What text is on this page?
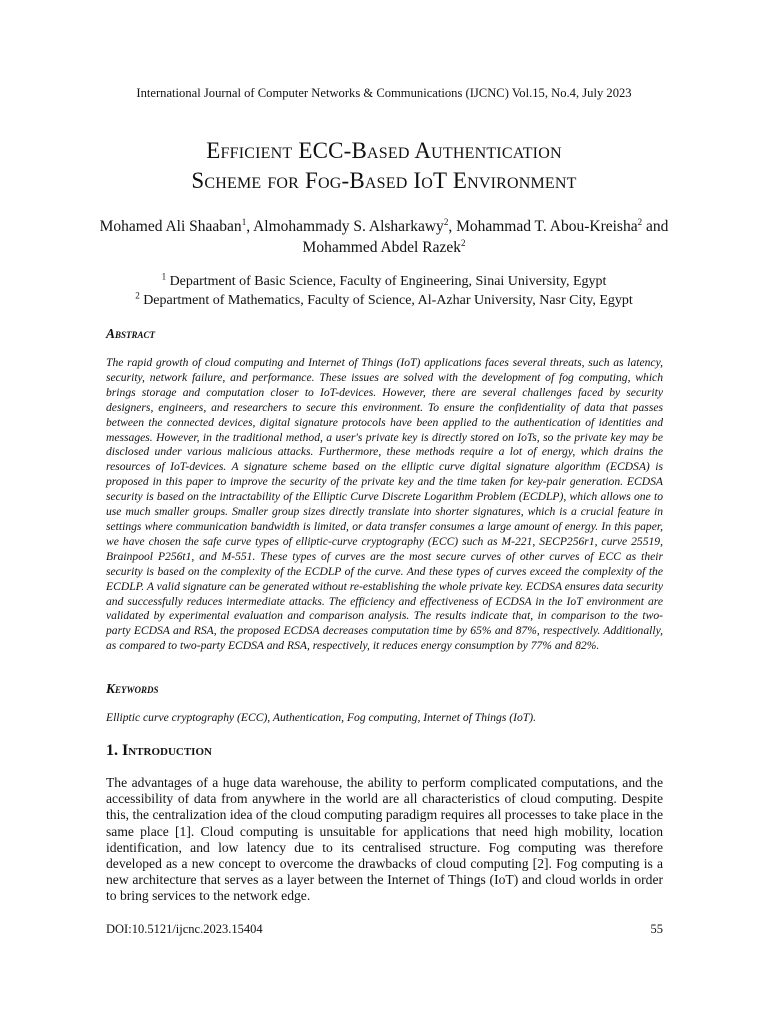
International Journal of Computer Networks & Communications (IJCNC) Vol.15, No.4, July 2023
Efficient ECC-Based Authentication
Scheme for Fog-Based IoT Environment
Mohamed Ali Shaaban$^1$, Almohammady S. Alsharkawy$^2$, Mohammad T. Abou-Kreisha$^2$ and Mohammed Abdel Razek$^2$
$^1$ Department of Basic Science, Faculty of Engineering, Sinai University, Egypt
$^2$ Department of Mathematics, Faculty of Science, Al-Azhar University, Nasr City, Egypt
Abstract
The rapid growth of cloud computing and Internet of Things (IoT) applications faces several threats, such as latency, security, network failure, and performance. These issues are solved with the development of fog computing, which brings storage and computation closer to IoT-devices. However, there are several challenges faced by security designers, engineers, and researchers to secure this environment. To ensure the confidentiality of data that passes between the connected devices, digital signature protocols have been applied to the authentication of identities and messages. However, in the traditional method, a user's private key is directly stored on IoTs, so the private key may be disclosed under various malicious attacks. Furthermore, these methods require a lot of energy, which drains the resources of IoT-devices. A signature scheme based on the elliptic curve digital signature algorithm (ECDSA) is proposed in this paper to improve the security of the private key and the time taken for key-pair generation. ECDSA security is based on the intractability of the Elliptic Curve Discrete Logarithm Problem (ECDLP), which allows one to use much smaller groups. Smaller group sizes directly translate into shorter signatures, which is a crucial feature in settings where communication bandwidth is limited, or data transfer consumes a large amount of energy. In this paper, we have chosen the safe curve types of elliptic-curve cryptography (ECC) such as M-221, SECP256r1, curve 25519, Brainpool P256t1, and M-551. These types of curves are the most secure curves of other curves of ECC as their security is based on the complexity of the ECDLP of the curve. And these types of curves exceed the complexity of the ECDLP. A valid signature can be generated without re-establishing the whole private key. ECDSA ensures data security and successfully reduces intermediate attacks. The efficiency and effectiveness of ECDSA in the IoT environment are validated by experimental evaluation and comparison analysis. The results indicate that, in comparison to the two-party ECDSA and RSA, the proposed ECDSA decreases computation time by 65% and 87%, respectively. Additionally, as compared to two-party ECDSA and RSA, respectively, it reduces energy consumption by 77% and 82%.
Keywords
Elliptic curve cryptography (ECC), Authentication, Fog computing, Internet of Things (IoT).
1. Introduction
The advantages of a huge data warehouse, the ability to perform complicated computations, and the accessibility of data from anywhere in the world are all characteristics of cloud computing. Despite this, the centralization idea of the cloud computing paradigm requires all processes to take place in the same place [1]. Cloud computing is unsuitable for applications that need high mobility, location identification, and low latency due to its centralised structure. Fog computing was therefore developed as a new concept to overcome the drawbacks of cloud computing [2]. Fog computing is a new architecture that serves as a layer between the Internet of Things (IoT) and cloud worlds in order to bring services to the network edge.
DOI:10.5121/ijcnc.2023.15404	55
